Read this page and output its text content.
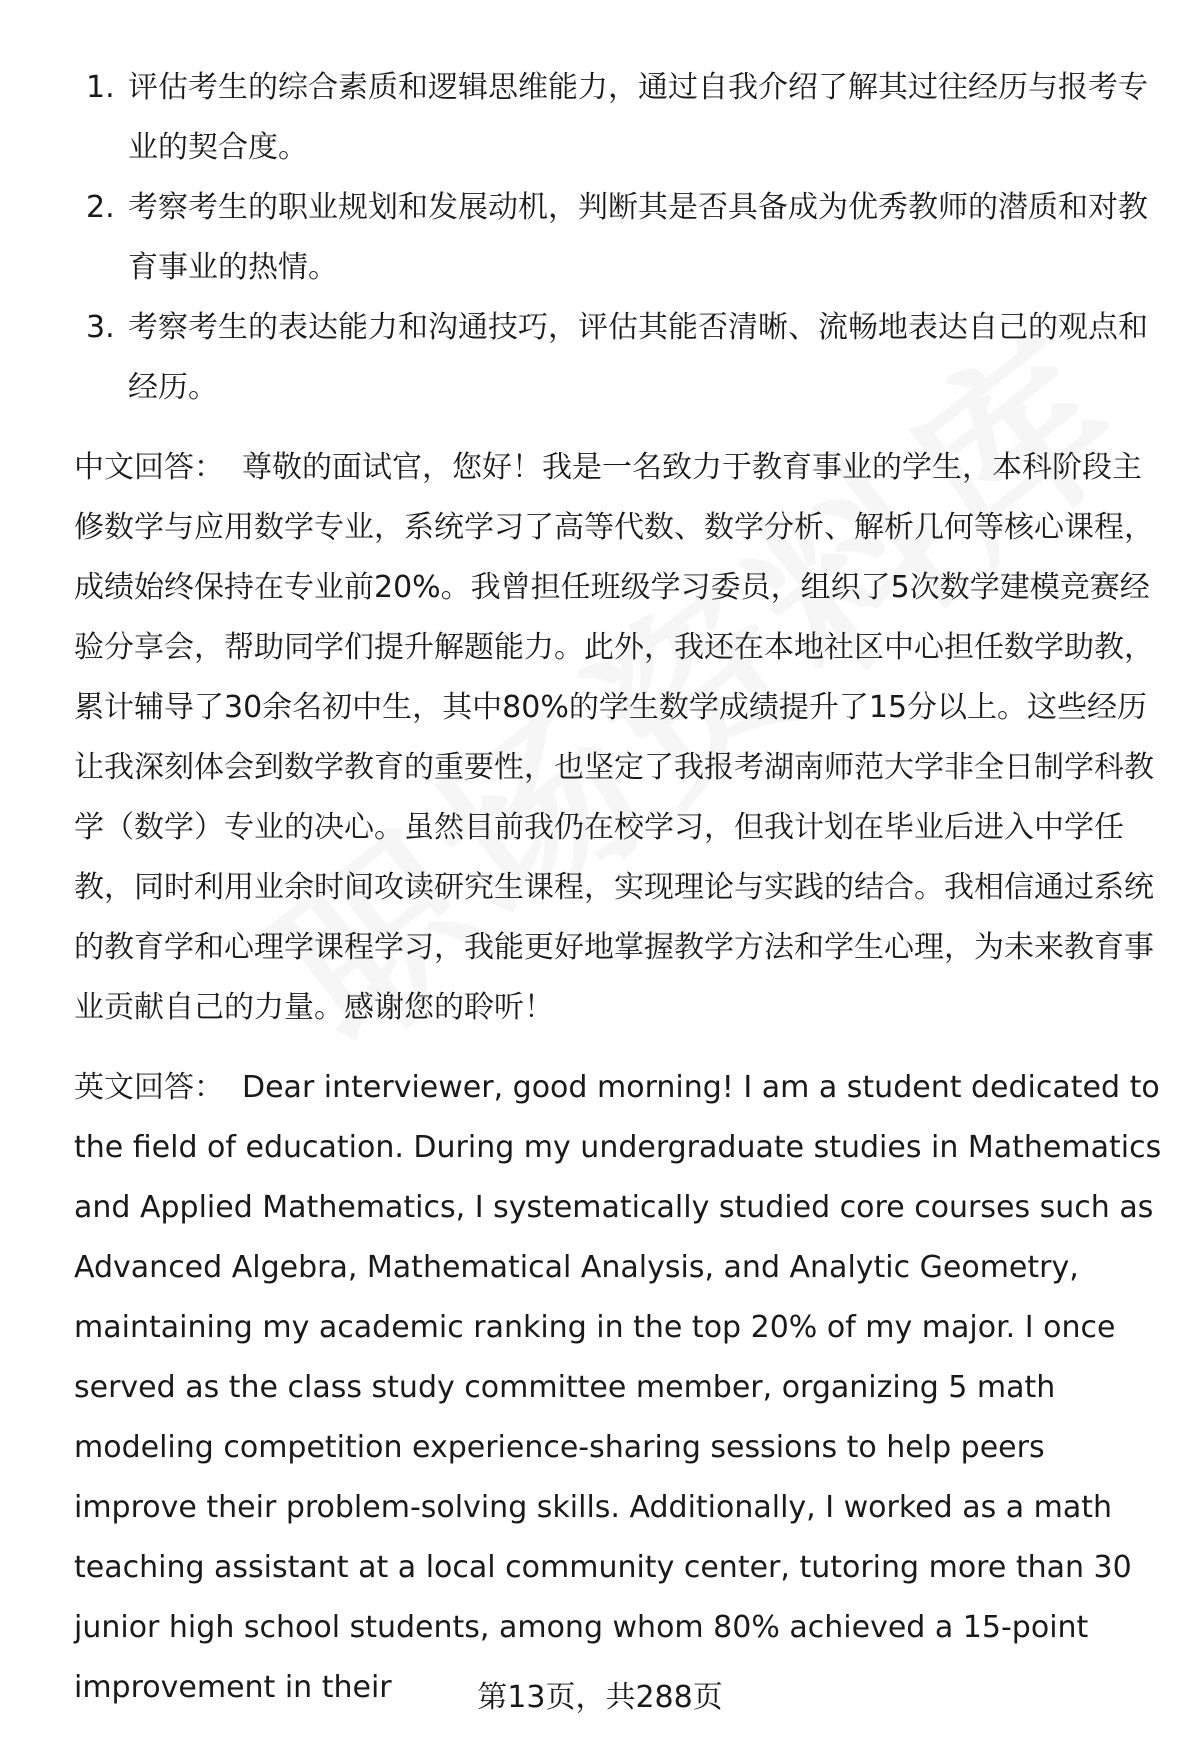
1. 评估考生的综合素质和逻辑思维能力，通过自我介绍了解其过往经历与报考专业的契合度。
2. 考察考生的职业规划和发展动机，判断其是否具备成为优秀教师的潜质和对教育事业的热情。
3. 考察考生的表达能力和沟通技巧，评估其能否清晰、流畅地表达自己的观点和经历。

中文回答： 尊敬的面试官，您好！我是一名致力于教育事业的学生，本科阶段主修数学与应用数学专业，系统学习了高等代数、数学分析、解析几何等核心课程，成绩始终保持在专业前20%。我曾担任班级学习委员，组织了5次数学建模竞赛经验分享会，帮助同学们提升解题能力。此外，我还在本地社区中心担任数学助教，累计辅导了30余名初中生，其中80%的学生数学成绩提升了15分以上。这些经历让我深刻体会到数学教育的重要性，也坚定了我报考湖南师范大学非全日制学科教学（数学）专业的决心。虽然目前我仍在校学习，但我计划在毕业后进入中学任教，同时利用业余时间攻读研究生课程，实现理论与实践的结合。我相信通过系统的教育学和心理学课程学习，我能更好地掌握教学方法和学生心理，为未来教育事业贡献自己的力量。感谢您的聆听！

英文回答： Dear interviewer, good morning! I am a student dedicated to the field of education. During my undergraduate studies in Mathematics and Applied Mathematics, I systematically studied core courses such as Advanced Algebra, Mathematical Analysis, and Analytic Geometry, maintaining my academic ranking in the top 20% of my major. I once served as the class study committee member, organizing 5 math modeling competition experience-sharing sessions to help peers improve their problem-solving skills. Additionally, I worked as a math teaching assistant at a local community center, tutoring more than 30 junior high school students, among whom 80% achieved a 15-point improvement in their	第13页，共288页
